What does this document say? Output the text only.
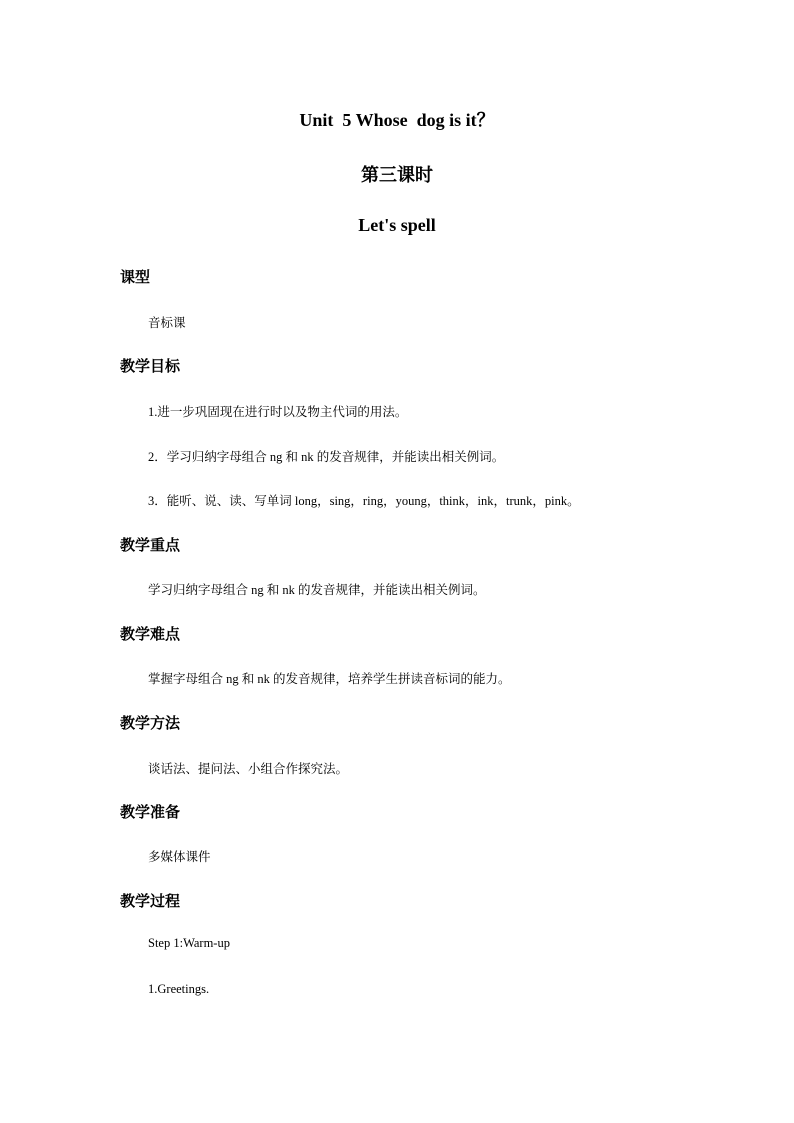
Unit  5 Whose  dog is it？
第三课时
Let's spell
课型
音标课
教学目标
1.进一步巩固现在进行时以及物主代词的用法。
2．学习归纳字母组合 ng 和 nk 的发音规律，并能读出相关例词。
3．能听、说、读、写单词 long，sing，ring，young，think，ink，trunk，pink。
教学重点
学习归纳字母组合 ng 和 nk 的发音规律，并能读出相关例词。
教学难点
掌握字母组合 ng 和 nk 的发音规律，培养学生拼读音标词的能力。
教学方法
谈话法、提问法、小组合作探究法。
教学准备
多媒体课件
教学过程
Step 1:Warm-up
1.Greetings.
